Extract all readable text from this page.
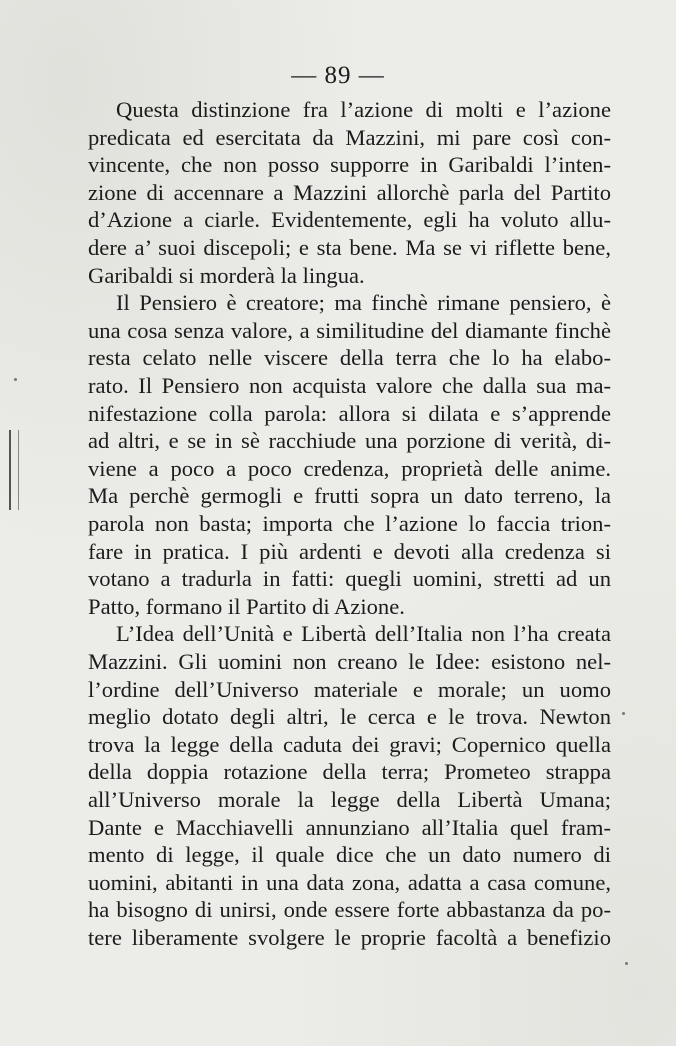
— 89 —
Questa distinzione fra l’azione di molti e l’azione
predicata ed esercitata da Mazzini, mi pare così con-
vincente, che non posso supporre in Garibaldi l’inten-
zione di accennare a Mazzini allorchè parla del Partito
d’Azione a ciarle. Evidentemente, egli ha voluto allu-
dere a’ suoi discepoli; e sta bene. Ma se vi riflette bene,
Garibaldi si morderà la lingua.
Il Pensiero è creatore; ma finchè rimane pensiero, è
una cosa senza valore, a similitudine del diamante finchè
resta celato nelle viscere della terra che lo ha elabo-
rato. Il Pensiero non acquista valore che dalla sua ma-
nifestazione colla parola: allora si dilata e s’apprende
ad altri, e se in sè racchiude una porzione di verità, di-
viene a poco a poco credenza, proprietà delle anime.
Ma perchè germogli e frutti sopra un dato terreno, la
parola non basta; importa che l’azione lo faccia trion-
fare in pratica. I più ardenti e devoti alla credenza si
votano a tradurla in fatti: quegli uomini, stretti ad un
Patto, formano il Partito di Azione.
L’Idea dell’Unità e Libertà dell’Italia non l’ha creata
Mazzini. Gli uomini non creano le Idee: esistono nel-
l’ordine dell’Universo materiale e morale; un uomo
meglio dotato degli altri, le cerca e le trova. Newton
trova la legge della caduta dei gravi; Copernico quella
della doppia rotazione della terra; Prometeo strappa
all’Universo morale la legge della Libertà Umana;
Dante e Macchiavelli annunziano all’Italia quel fram-
mento di legge, il quale dice che un dato numero di
uomini, abitanti in una data zona, adatta a casa comune,
ha bisogno di unirsi, onde essere forte abbastanza da po-
tere liberamente svolgere le proprie facoltà a benefizio
